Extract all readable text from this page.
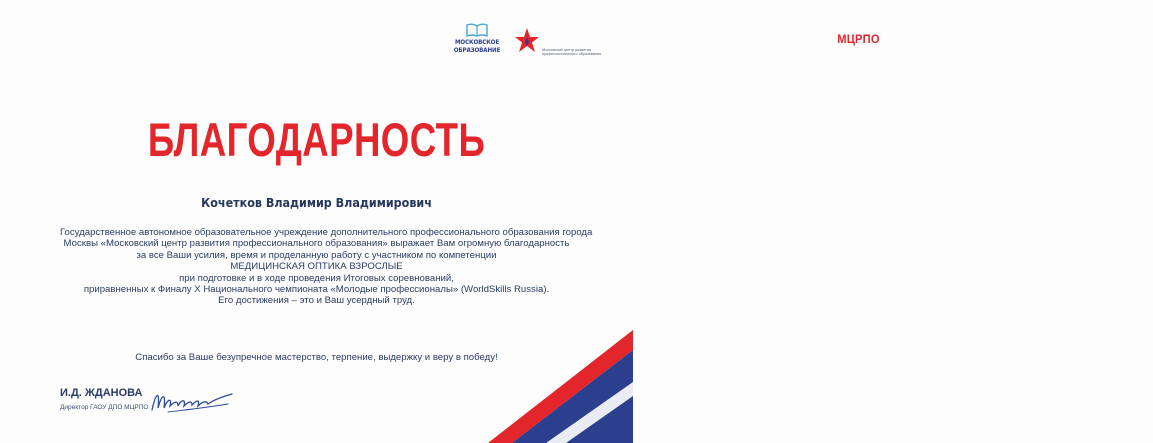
МОСКОВСКОЕ
ОБРАЗОВАНИЕ
МЦРПО
Московский центр развития профессионального образования
БЛАГОДАРНОСТЬ
Кочетков Владимир Владимирович
Государственное автономное образовательное учреждение дополнительного профессионального образования города
Москвы «Московский центр развития профессионального образования» выражает Вам огромную благодарность
за все Ваши усилия, время и проделанную работу с участником по компетенции
МЕДИЦИНСКАЯ ОПТИКА ВЗРОСЛЫЕ
при подготовке и в ходе проведения Итоговых соревнований,
приравненных к Финалу X Национального чемпионата «Молодые профессионалы» (WorldSkills Russia).
Его достижения – это и Ваш усердный труд.
Спасибо за Ваше безупречное мастерство, терпение, выдержку и веру в победу!
И.Д. ЖДАНОВА
Директор ГАОУ ДПО МЦРПО
